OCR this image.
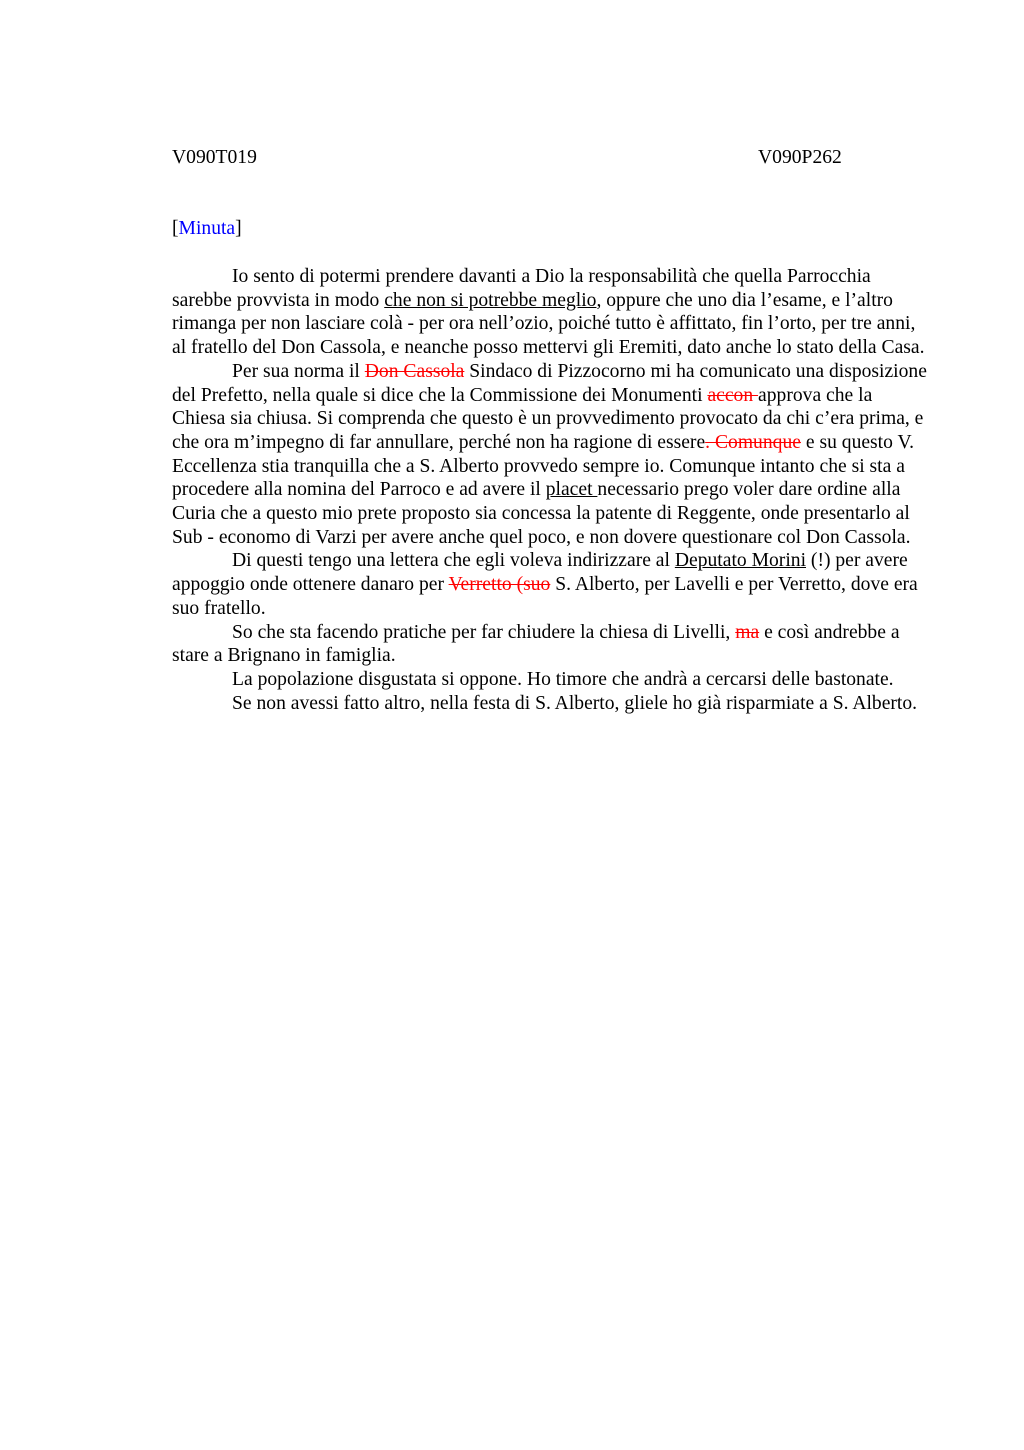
V090T019	V090P262
[Minuta]

Io sento di potermi prendere davanti a Dio la responsabilità che quella Parrocchia sarebbe provvista in modo che non si potrebbe meglio, oppure che uno dia l’esame, e l’altro rimanga per non lasciare colà - per ora nell’ozio, poiché tutto è affittato, fin l’orto, per tre anni, al fratello del Don Cassola, e neanche posso mettervi gli Eremiti, dato anche lo stato della Casa.

Per sua norma il Don Cassola Sindaco di Pizzocorno mi ha comunicato una disposizione del Prefetto, nella quale si dice che la Commissione dei Monumenti accon approva che la Chiesa sia chiusa. Si comprenda che questo è un provvedimento provocato da chi c’era prima, e che ora m’impegno di far annullare, perché non ha ragione di essere. Comunque e su questo V. Eccellenza stia tranquilla che a S. Alberto provvedo sempre io. Comunque intanto che si sta a procedere alla nomina del Parroco e ad avere il placet necessario prego voler dare ordine alla Curia che a questo mio prete proposto sia concessa la patente di Reggente, onde presentarlo al Sub - economo di Varzi per avere anche quel poco, e non dovere questionare col Don Cassola.

Di questi tengo una lettera che egli voleva indirizzare al Deputato Morini (!) per avere appoggio onde ottenere danaro per Verretto (suo S. Alberto, per Lavelli e per Verretto, dove era suo fratello.

So che sta facendo pratiche per far chiudere la chiesa di Livelli, ma e così andrebbe a stare a Brignano in famiglia.

La popolazione disgustata si oppone. Ho timore che andrà a cercarsi delle bastonate.

Se non avessi fatto altro, nella festa di S. Alberto, gliele ho già risparmiate a S. Alberto.
